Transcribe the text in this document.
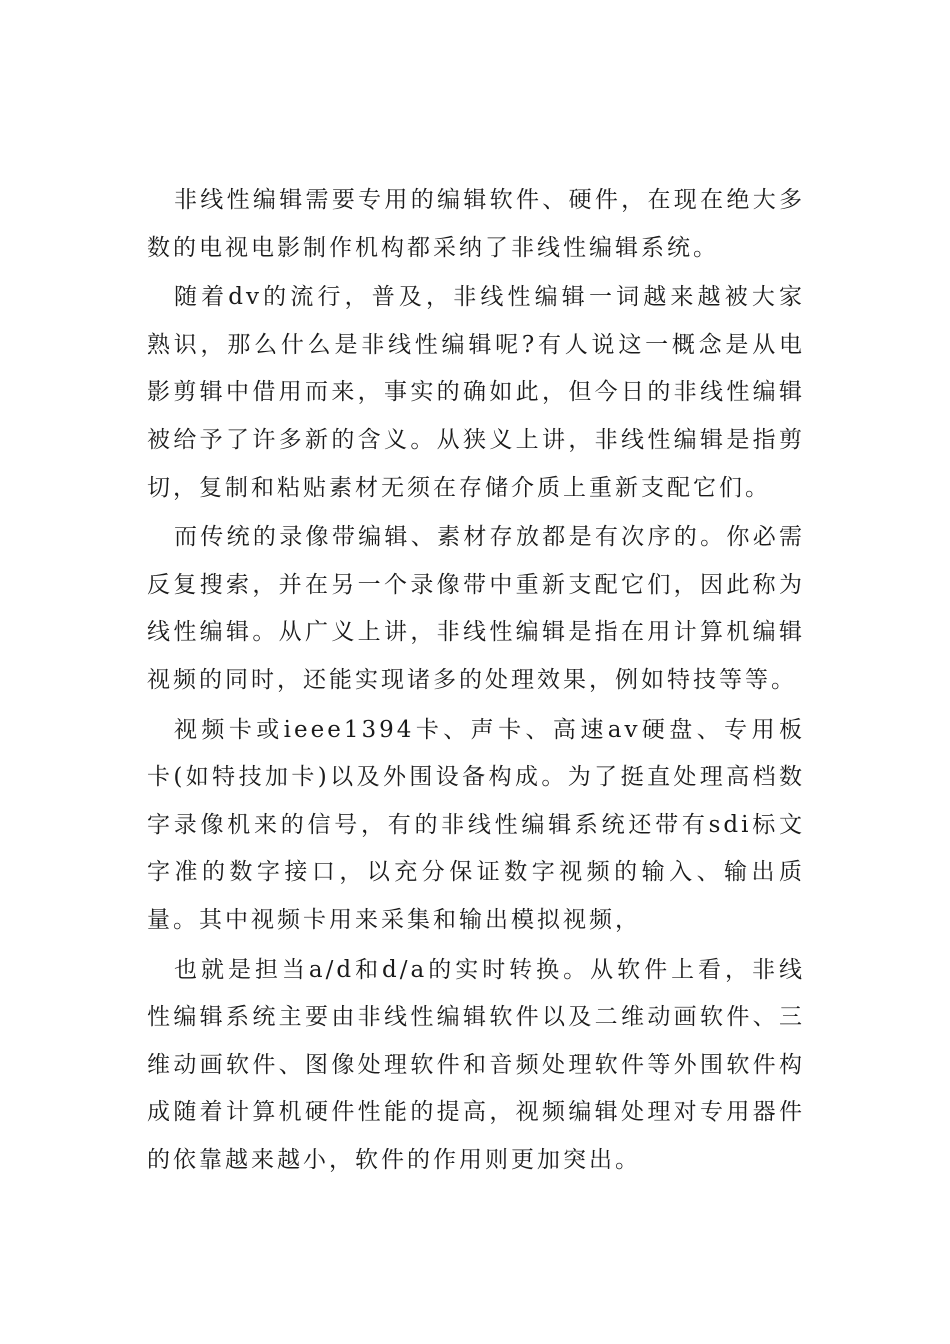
非线性编辑需要专用的编辑软件、硬件，在现在绝大多数的电视电影制作机构都采纳了非线性编辑系统。

随着dv的流行，普及，非线性编辑一词越来越被大家熟识，那么什么是非线性编辑呢?有人说这一概念是从电影剪辑中借用而来，事实的确如此，但今日的非线性编辑被给予了许多新的含义。从狭义上讲，非线性编辑是指剪切，复制和粘贴素材无须在存储介质上重新支配它们。

而传统的录像带编辑、素材存放都是有次序的。你必需反复搜索，并在另一个录像带中重新支配它们，因此称为线性编辑。从广义上讲，非线性编辑是指在用计算机编辑视频的同时，还能实现诸多的处理效果，例如特技等等。

视频卡或ieee1394卡、声卡、高速av硬盘、专用板卡(如特技加卡)以及外围设备构成。为了挺直处理高档数字录像机来的信号，有的非线性编辑系统还带有sdi标文字准的数字接口，以充分保证数字视频的输入、输出质量。其中视频卡用来采集和输出模拟视频，

也就是担当a/d和d/a的实时转换。从软件上看，非线性编辑系统主要由非线性编辑软件以及二维动画软件、三维动画软件、图像处理软件和音频处理软件等外围软件构成随着计算机硬件性能的提高，视频编辑处理对专用器件的依靠越来越小，软件的作用则更加突出。
